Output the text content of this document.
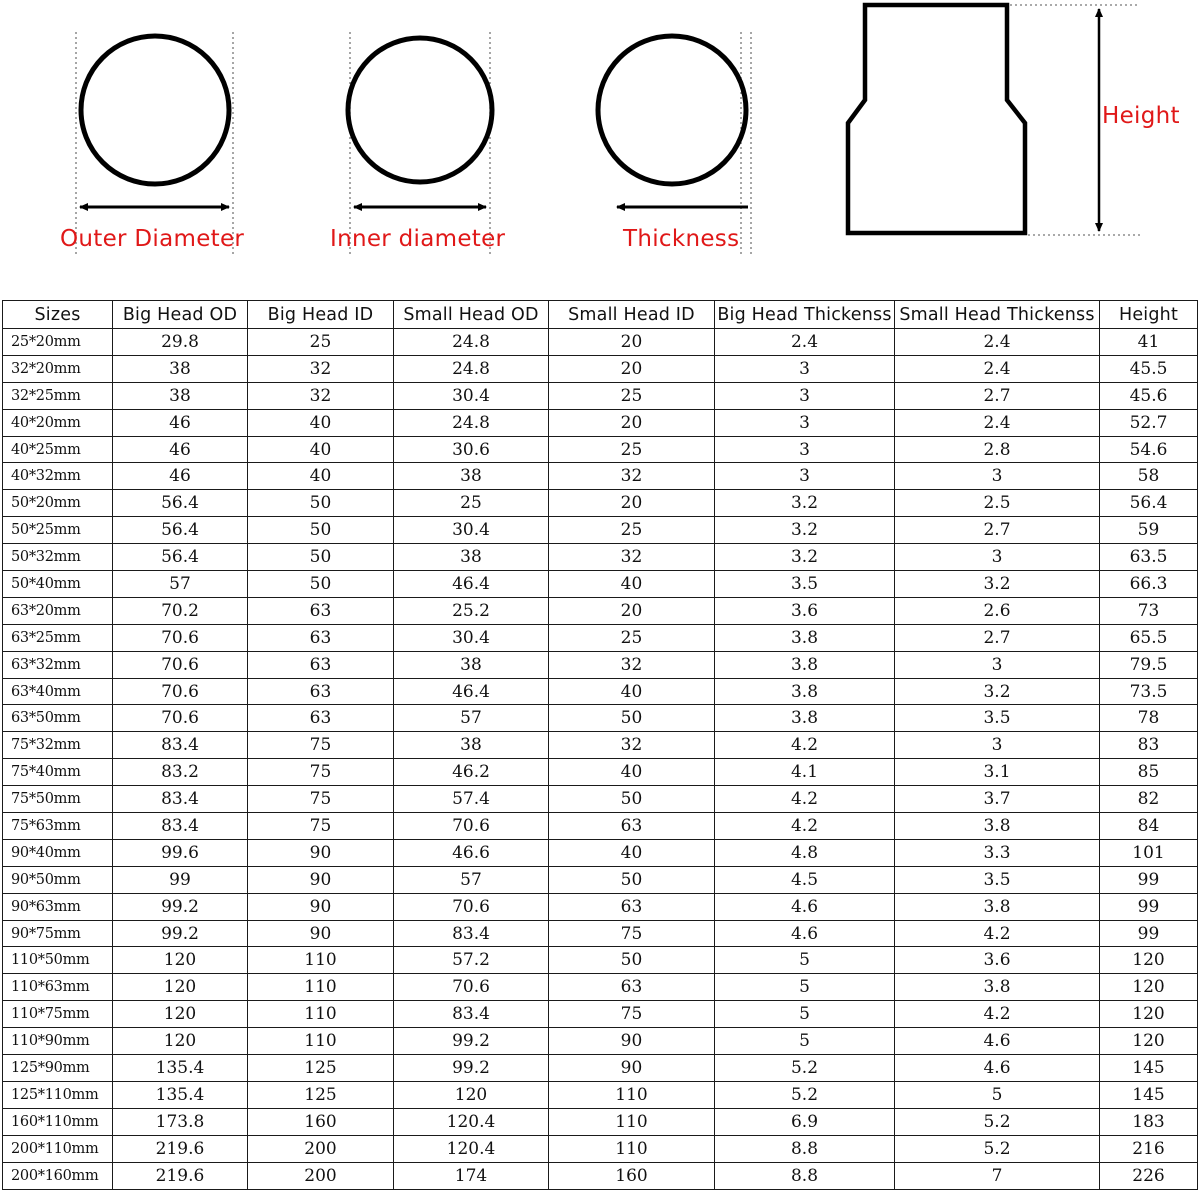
Outer Diameter	Inner diameter	Thickness
Height
Sizes	Big Head OD	Big Head ID	Small Head OD	Small Head ID	Big Head Thickenss	Small Head Thickenss	Height
25*20mm	29.8	25	24.8	20	2.4	2.4	41
32*20mm	38	32	24.8	20	3	2.4	45.5
32*25mm	38	32	30.4	25	3	2.7	45.6
40*20mm	46	40	24.8	20	3	2.4	52.7
40*25mm	46	40	30.6	25	3	2.8	54.6
40*32mm	46	40	38	32	3	3	58
50*20mm	56.4	50	25	20	3.2	2.5	56.4
50*25mm	56.4	50	30.4	25	3.2	2.7	59
50*32mm	56.4	50	38	32	3.2	3	63.5
50*40mm	57	50	46.4	40	3.5	3.2	66.3
63*20mm	70.2	63	25.2	20	3.6	2.6	73
63*25mm	70.6	63	30.4	25	3.8	2.7	65.5
63*32mm	70.6	63	38	32	3.8	3	79.5
63*40mm	70.6	63	46.4	40	3.8	3.2	73.5
63*50mm	70.6	63	57	50	3.8	3.5	78
75*32mm	83.4	75	38	32	4.2	3	83
75*40mm	83.2	75	46.2	40	4.1	3.1	85
75*50mm	83.4	75	57.4	50	4.2	3.7	82
75*63mm	83.4	75	70.6	63	4.2	3.8	84
90*40mm	99.6	90	46.6	40	4.8	3.3	101
90*50mm	99	90	57	50	4.5	3.5	99
90*63mm	99.2	90	70.6	63	4.6	3.8	99
90*75mm	99.2	90	83.4	75	4.6	4.2	99
110*50mm	120	110	57.2	50	5	3.6	120
110*63mm	120	110	70.6	63	5	3.8	120
110*75mm	120	110	83.4	75	5	4.2	120
110*90mm	120	110	99.2	90	5	4.6	120
125*90mm	135.4	125	99.2	90	5.2	4.6	145
125*110mm	135.4	125	120	110	5.2	5	145
160*110mm	173.8	160	120.4	110	6.9	5.2	183
200*110mm	219.6	200	120.4	110	8.8	5.2	216
200*160mm	219.6	200	174	160	8.8	7	226
